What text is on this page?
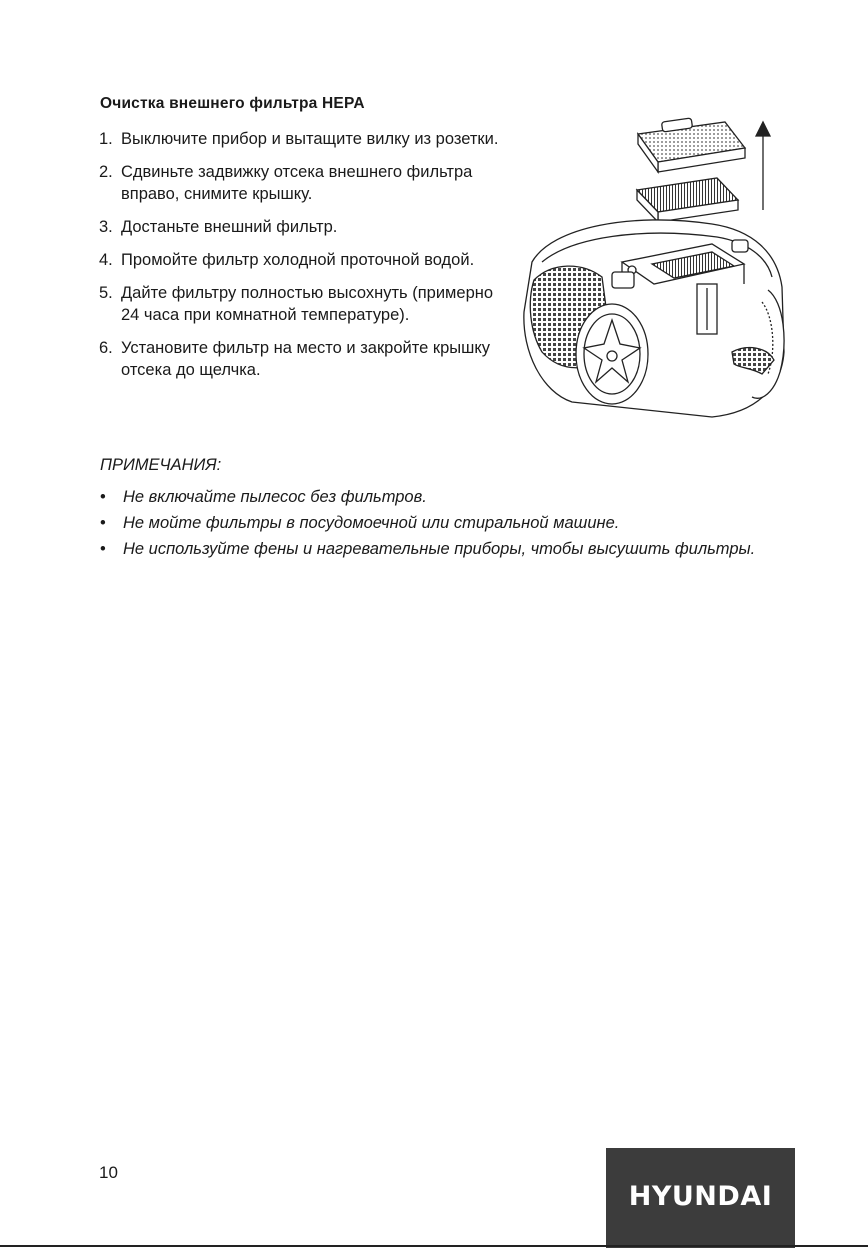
Очистка внешнего фильтра HEPA
1. Выключите прибор и вытащите вилку из розетки.
2. Сдвиньте задвижку отсека внешнего фильтра вправо, снимите крышку.
3. Достаньте внешний фильтр.
4. Промойте фильтр холодной проточной водой.
5. Дайте фильтру полностью высохнуть (примерно 24 часа при комнатной температуре).
6. Установите фильтр на место и закройте крышку отсека до щелчка.
ПРИМЕЧАНИЯ:
• Не включайте пылесос без фильтров.
• Не мойте фильтры в посудомоечной или стиральной машине.
• Не используйте фены и нагревательные приборы, чтобы высушить фильтры.
10
HYUNDAI
